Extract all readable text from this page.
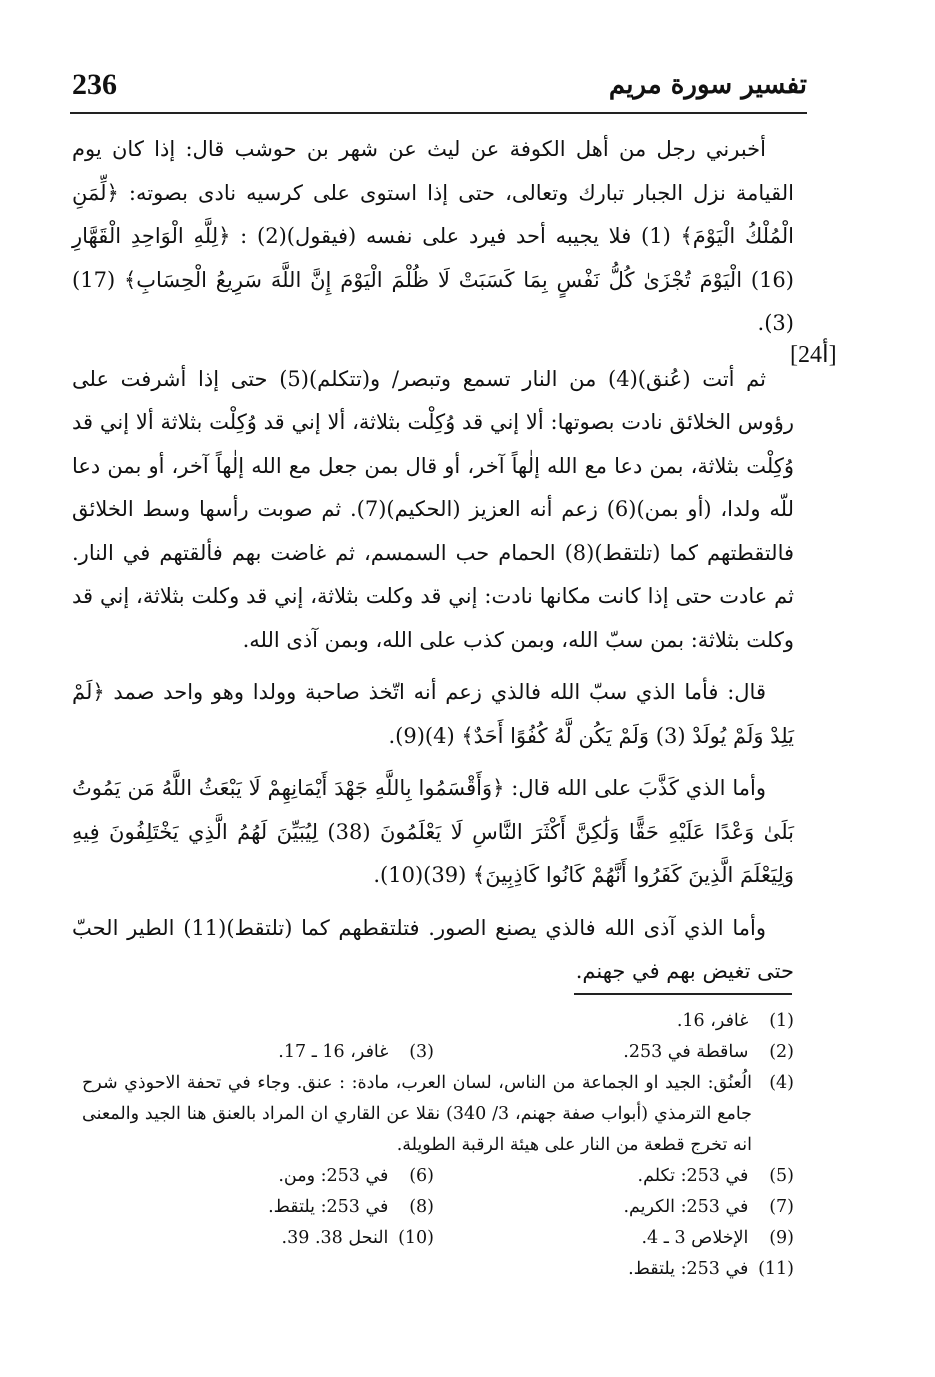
236	تفسير سورة مريم
[24أ]

أخبرني رجل من أهل الكوفة عن ليث عن شهر بن حوشب قال: إذا كان يوم القيامة نزل الجبار تبارك وتعالى، حتى إذا استوى على كرسيه نادى بصوته: ﴿لِّمَنِ الْمُلْكُ الْيَوْمَ﴾ (1) فلا يجيبه أحد فيرد على نفسه (فيقول)(2) : ﴿لِلَّهِ الْوَاحِدِ الْقَهَّارِ (16) الْيَوْمَ تُجْزَىٰ كُلُّ نَفْسٍ بِمَا كَسَبَتْ لَا ظُلْمَ الْيَوْمَ إِنَّ اللَّهَ سَرِيعُ الْحِسَابِ﴾ (17)(3).

ثم أتت (عُنق)(4) من النار تسمع وتبصر/ و(تتكلم)(5) حتى إذا أشرفت على رؤوس الخلائق نادت بصوتها: ألا إني قد وُكِلْت بثلاثة، ألا إني قد وُكِلْت بثلاثة ألا إني قد وُكِلْت بثلاثة، بمن دعا مع الله إلٰهاً آخر، أو قال بمن جعل مع الله إلٰهاً آخر، أو بمن دعا للّه ولدا، (أو بمن)(6) زعم أنه العزيز (الحكيم)(7). ثم صوبت رأسها وسط الخلائق فالتقطتهم كما (تلتقط)(8) الحمام حب السمسم، ثم غاضت بهم فألقتهم في النار. ثم عادت حتى إذا كانت مكانها نادت: إني قد وكلت بثلاثة، إني قد وكلت بثلاثة، إني قد وكلت بثلاثة: بمن سبّ الله، وبمن كذب على الله، وبمن آذى الله.

قال: فأما الذي سبّ الله فالذي زعم أنه اتّخذ صاحبة وولدا وهو واحد صمد ﴿لَمْ يَلِدْ وَلَمْ يُولَدْ (3) وَلَمْ يَكُن لَّهُ كُفُوًا أَحَدٌ﴾ (4)(9).

وأما الذي كَذَّبَ على الله قال: ﴿وَأَقْسَمُوا بِاللَّهِ جَهْدَ أَيْمَانِهِمْ لَا يَبْعَثُ اللَّهُ مَن يَمُوتُ بَلَىٰ وَعْدًا عَلَيْهِ حَقًّا وَلَٰكِنَّ أَكْثَرَ النَّاسِ لَا يَعْلَمُونَ (38) لِيُبَيِّنَ لَهُمُ الَّذِي يَخْتَلِفُونَ فِيهِ وَلِيَعْلَمَ الَّذِينَ كَفَرُوا أَنَّهُمْ كَانُوا كَاذِبِينَ﴾ (39)(10).

وأما الذي آذى الله فالذي يصنع الصور. فتلتقطهم كما (تلتقط)(11) الطير الحبّ حتى تغيض بهم في جهنم.

(1) غافر، 16.
(2) ساقطة في 253.
(3) غافر، 16 ـ 17.
(4)
الُعنُق: الجيد او الجماعة من الناس، لسان العرب، مادة: : عنق. وجاء في تحفة الاحوذي شرح جامع الترمذي (أبواب صفة جهنم، 3/ 340) نقلا عن القاري ان المراد بالعنق هنا الجيد والمعنى انه تخرج قطعة من النار على هيئة الرقبة الطويلة.
(5) في 253: تكلم.
(6) في 253: ومن.
(7) في 253: الكريم.
(8) في 253: يلتقط.
(9) الإخلاص 3 ـ 4.
(10) النحل 38. 39.
(11) في 253: يلتقط.
